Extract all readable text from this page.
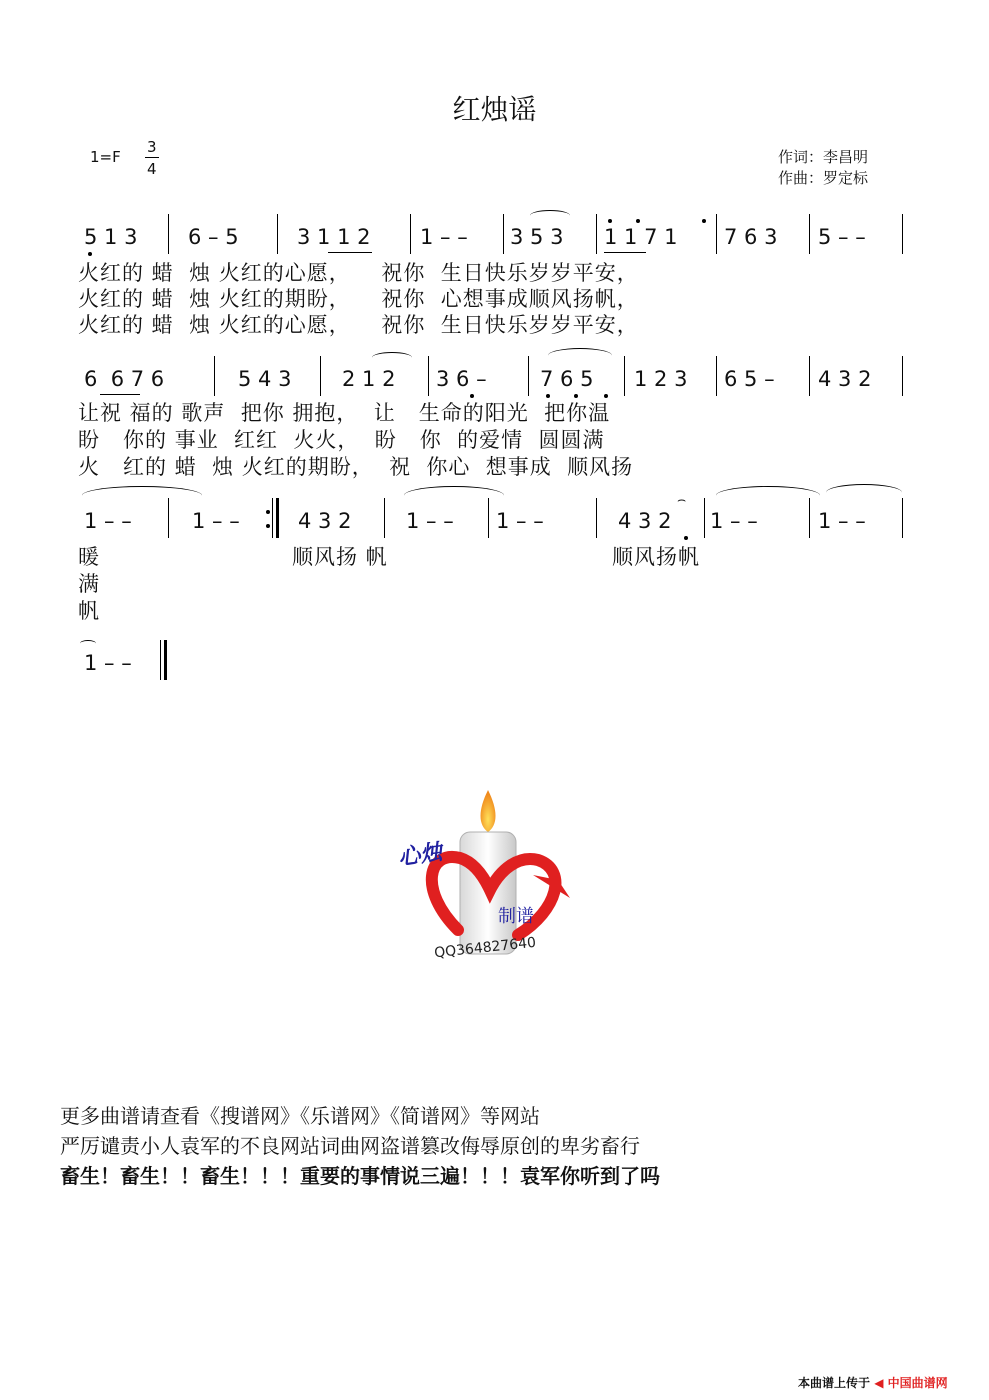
红烛谣
1=F
3
4
作词：李昌明
作曲：罗定标
5 1 3 6 – 5	3 1 1 2 1 – – 3 5 3 1 1 7 1 7 6 3 5 – –
火红的 蜡  烛 火红的心愿，    祝你  生日快乐岁岁平安，
火红的 蜡  烛 火红的期盼，    祝你  心想事成顺风扬帆，
火红的 蜡  烛 火红的心愿，    祝你  生日快乐岁岁平安，
6  6 7 6	5 4 3 2 1 2 3 6 –	7 6 5 1 2 3 6 5 – 4 3 2
让祝 福的 歌声  把你 拥抱，  让   生命的阳光  把你温
盼   你的 事业  红红  火火，  盼   你  的爱情  圆圆满
火   红的 蜡  烛 火红的期盼，  祝  你心  想事成  顺风扬
1 – –	1 – –	4 3 2	1 – – 1 – –	4 3 2 1 – –	1 – –
⌢
暖
满
帆
顺风扬 帆	顺风扬帆
1 – –
心烛
制谱
QQ364827640
更多曲谱请查看《搜谱网》《乐谱网》《简谱网》等网站
严厉谴责小人袁军的不良网站词曲网盗谱篡改侮辱原创的卑劣畜行
畜生！畜生！！畜生！！！重要的事情说三遍！！！袁军你听到了吗
本曲谱上传于 ◀ 中国曲谱网
